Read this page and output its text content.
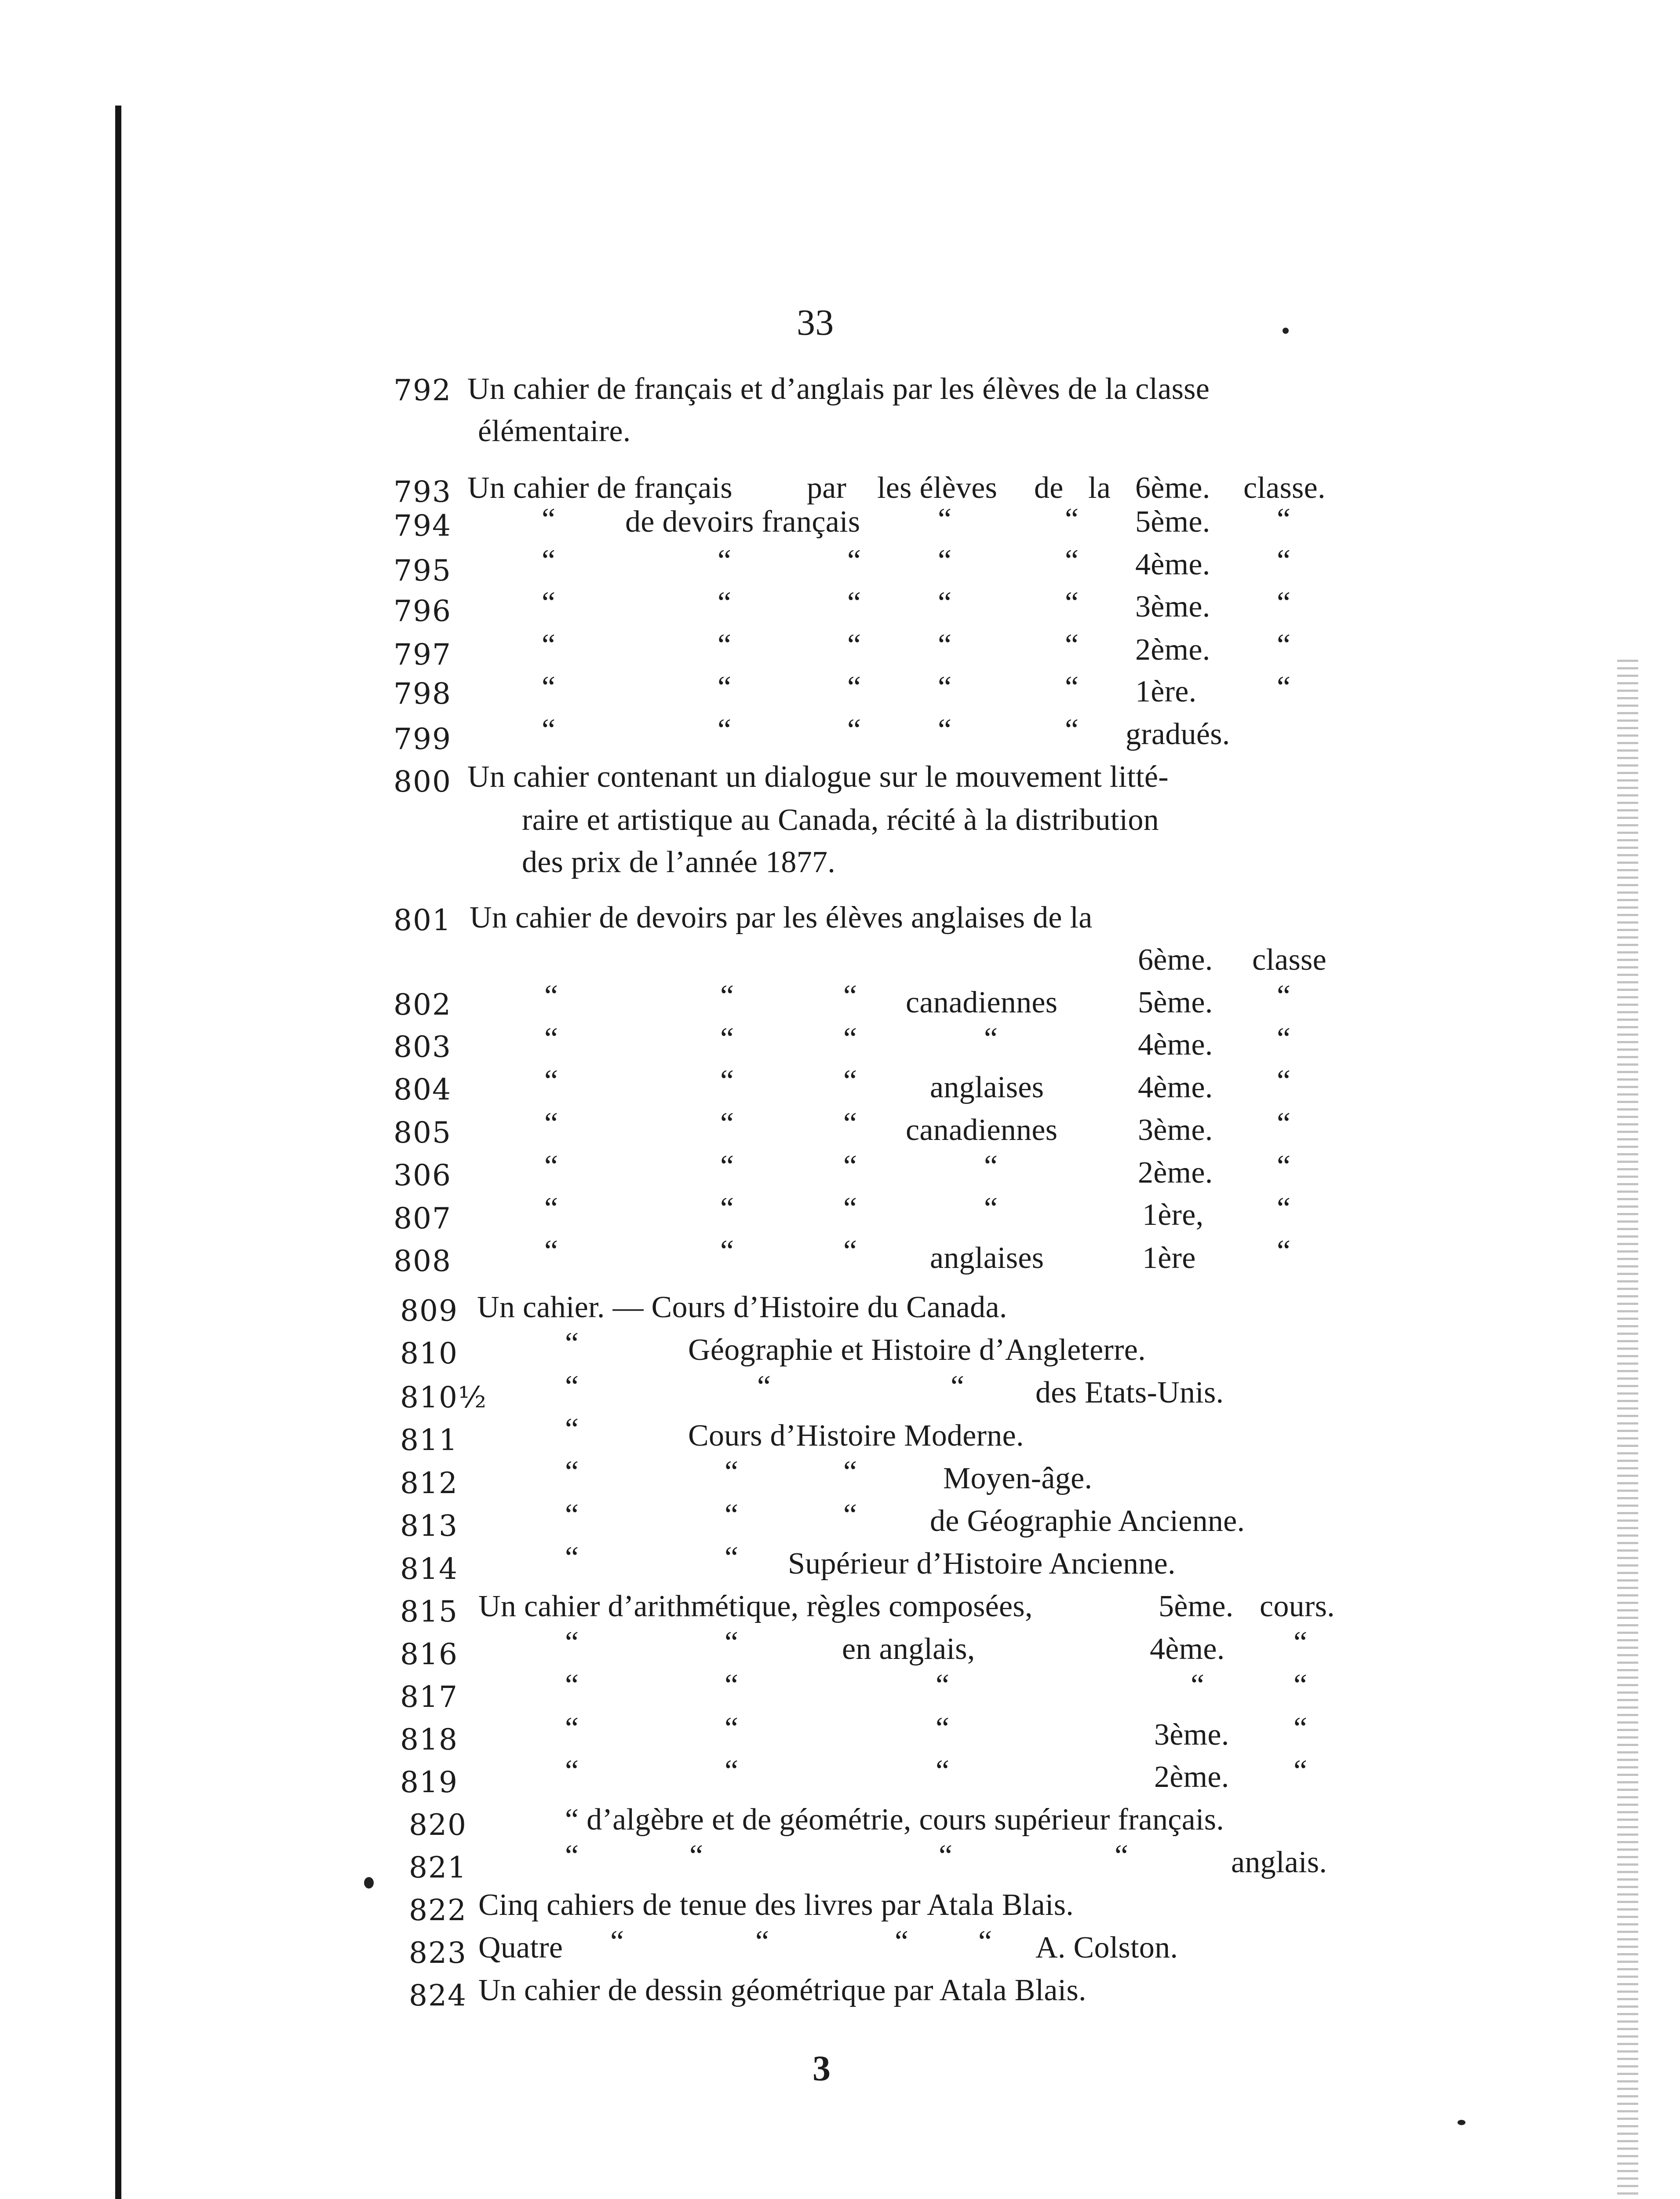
33
792 Un cahier de français et d’anglais par les élèves de la classe
élémentaire.
793 Un cahier de français par les élèves de la 6ème. classe.
794	“ de devoirs français	“	“ 5ème. “
795	“	“	“ “	“ 4ème. “
796	“	“	“ “	“ 3ème. “
797	“	“	“ “	“ 2ème. “
798	“	“	“ “	“ 1ère.	“
799	“	“	“ “	“ gradués.
800 Un cahier contenant un dialogue sur le mouvement litté-
raire et artistique au Canada, récité à la distribution
des prix de l’année 1877.
801 Un cahier de devoirs par les élèves anglaises de la
6ème. classe
802	“	“	“ canadiennes	5ème. “
803	“	“	“	“	4ème. “
804	“	“	“ anglaises	4ème. “
805	“	“	“ canadiennes	3ème. “
306	“	“	“	“	2ème. “
807	“	“	“	“	1ère, “
808	“	“	“ anglaises	1ère	“
809 Un cahier. — Cours d’Histoire du Canada.
810	“	Géographie et Histoire d’Angleterre.
810½	“	“	“ des Etats-Unis.
811	“	Cours d’Histoire Moderne.
812	“	“	“	Moyen-âge.
813	“	“	“ de Géographie Ancienne.
814	“	“ Supérieur d’Histoire Ancienne.
815 Un cahier d’arithmétique, règles composées,	5ème. cours.
816	“	“	en anglais,	4ème. “
817	“	“	“	“	“
818	“	“	“	3ème. “
819	“	“	“	2ème. “
820	“ d’algèbre et de géométrie, cours supérieur français.
821	“	“	“	“	anglais.
822 Cinq cahiers de tenue des livres par Atala Blais.
823 Quatre “	“	“ “ A. Colston.
824 Un cahier de dessin géométrique par Atala Blais.
3
